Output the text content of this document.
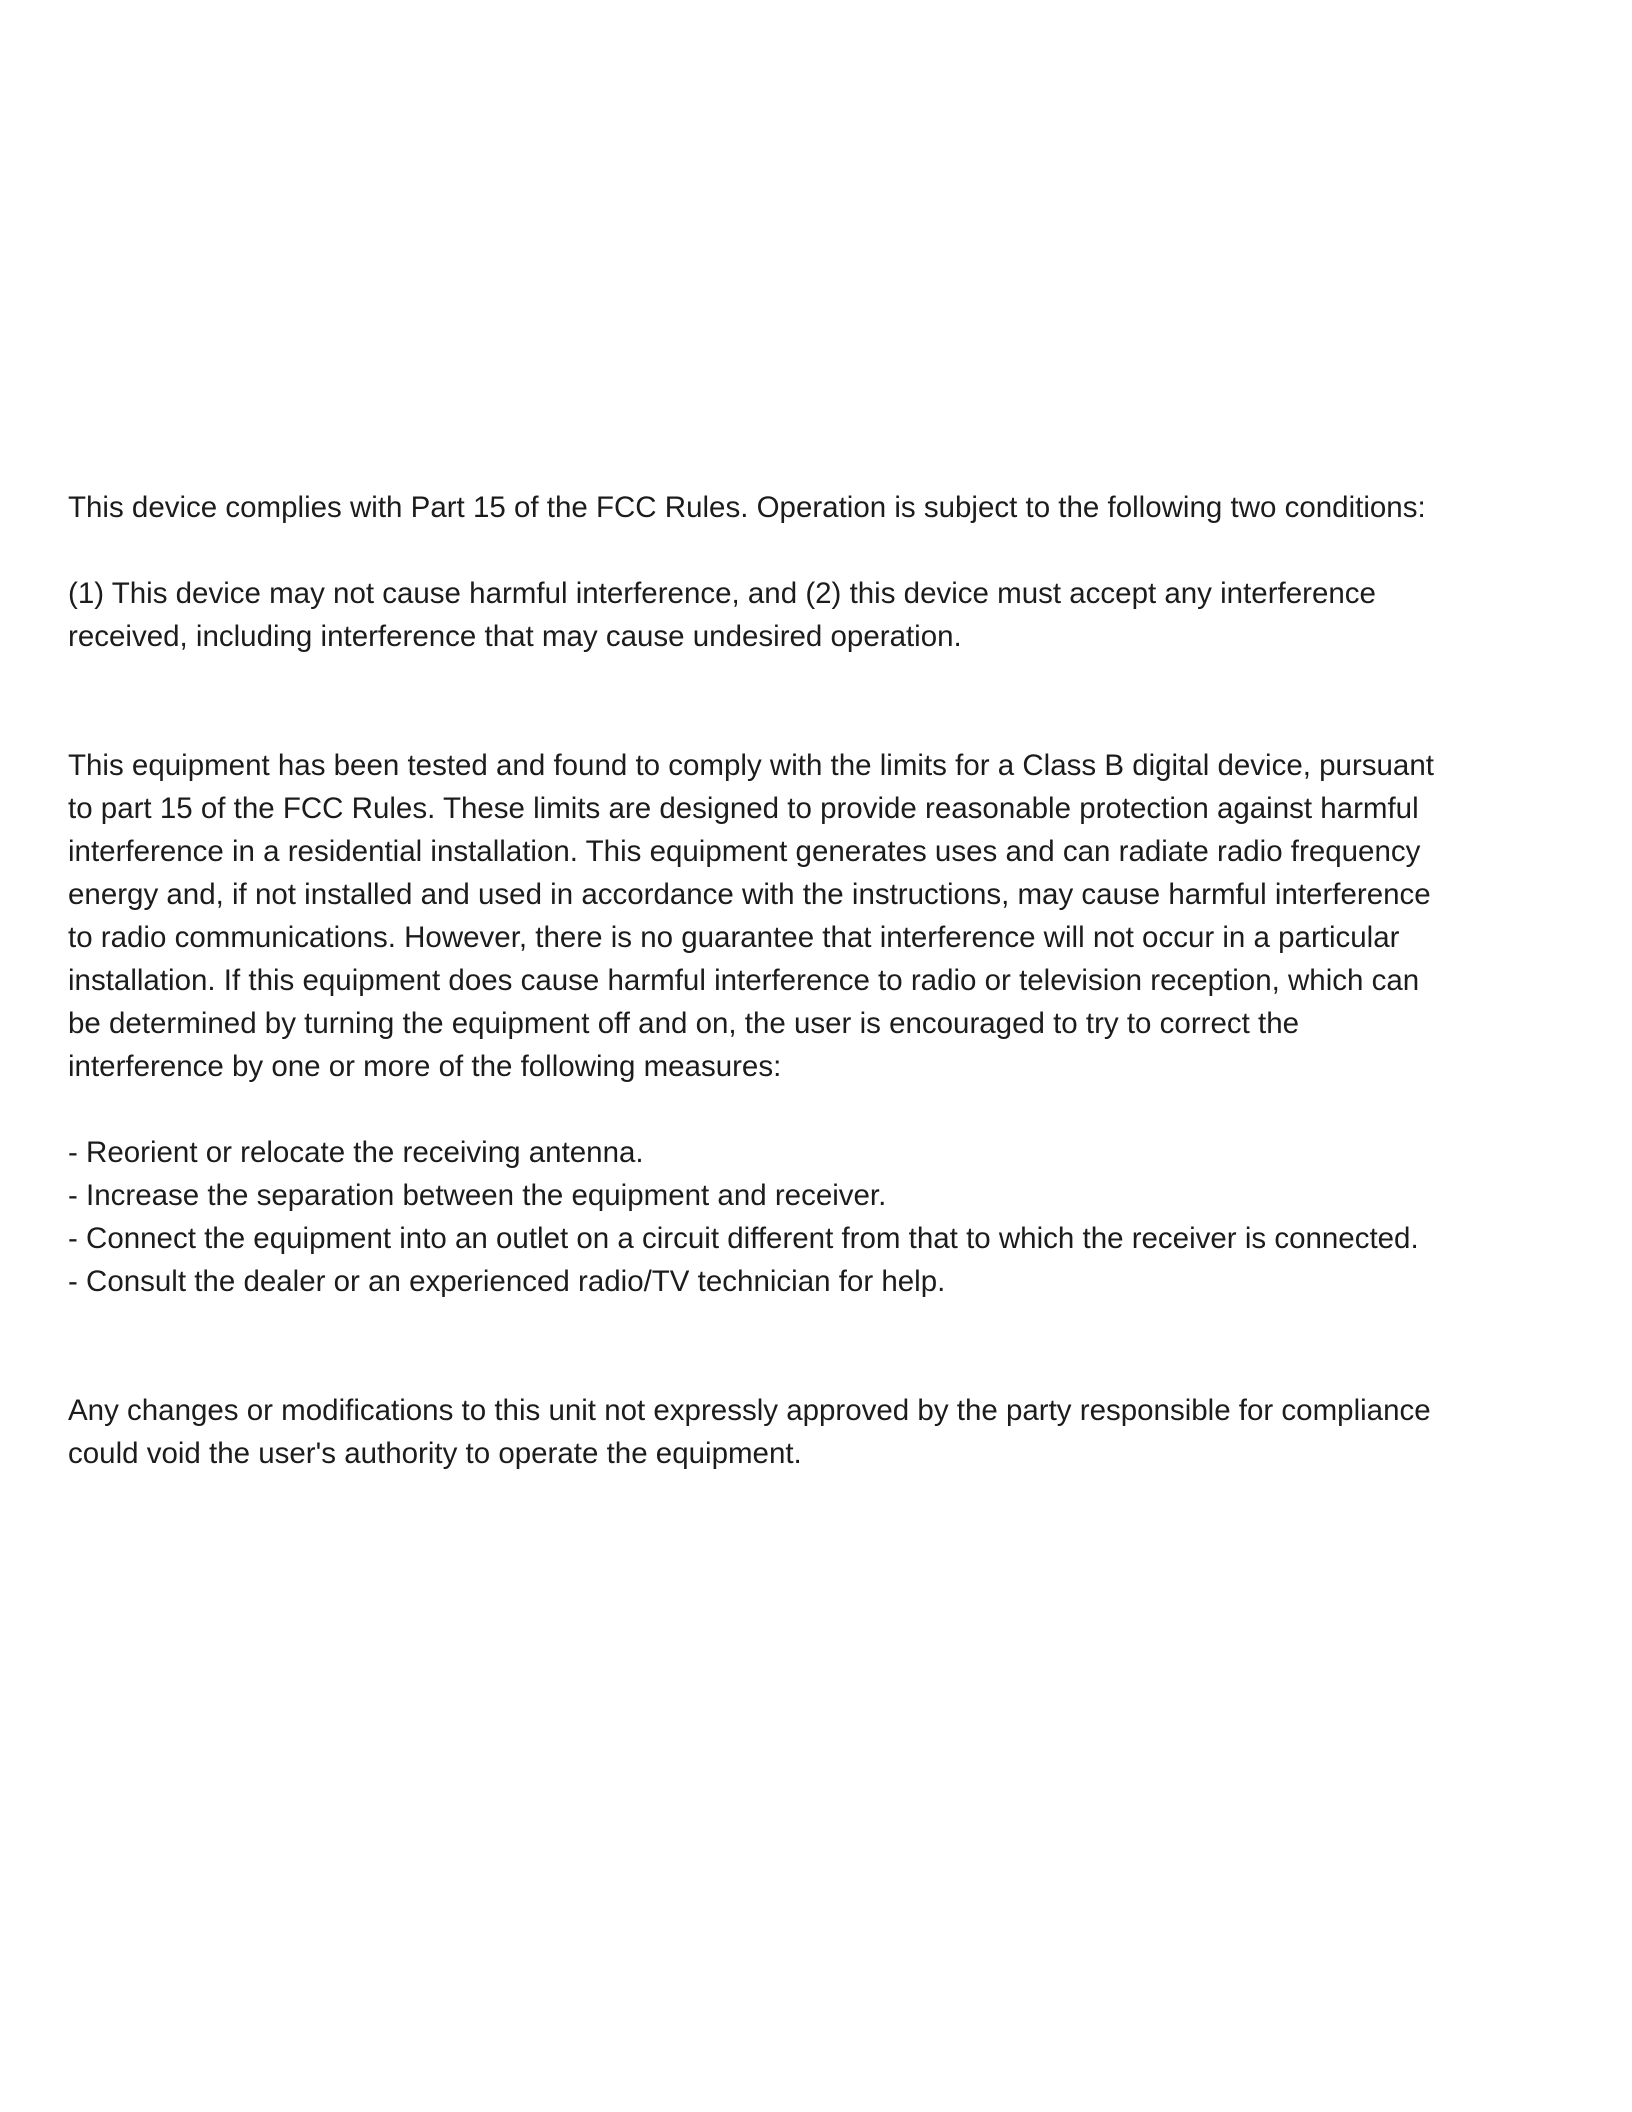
This device complies with Part 15 of the FCC Rules. Operation is subject to the following two conditions:

(1) This device may not cause harmful interference, and (2) this device must accept any interference

received, including interference that may cause undesired operation.

This equipment has been tested and found to comply with the limits for a Class B digital device, pursuant

to part 15 of the FCC Rules. These limits are designed to provide reasonable protection against harmful

interference in a residential installation. This equipment generates uses and can radiate radio frequency

energy and, if not installed and used in accordance with the instructions, may cause harmful interference

to radio communications. However, there is no guarantee that interference will not occur in a particular

installation. If this equipment does cause harmful interference to radio or television reception, which can

be determined by turning the equipment off and on, the user is encouraged to try to correct the

interference by one or more of the following measures:

- Reorient or relocate the receiving antenna.

- Increase the separation between the equipment and receiver.

- Connect the equipment into an outlet on a circuit different from that to which the receiver is connected.

- Consult the dealer or an experienced radio/TV technician for help.

Any changes or modifications to this unit not expressly approved by the party responsible for compliance

could void the user's authority to operate the equipment.
